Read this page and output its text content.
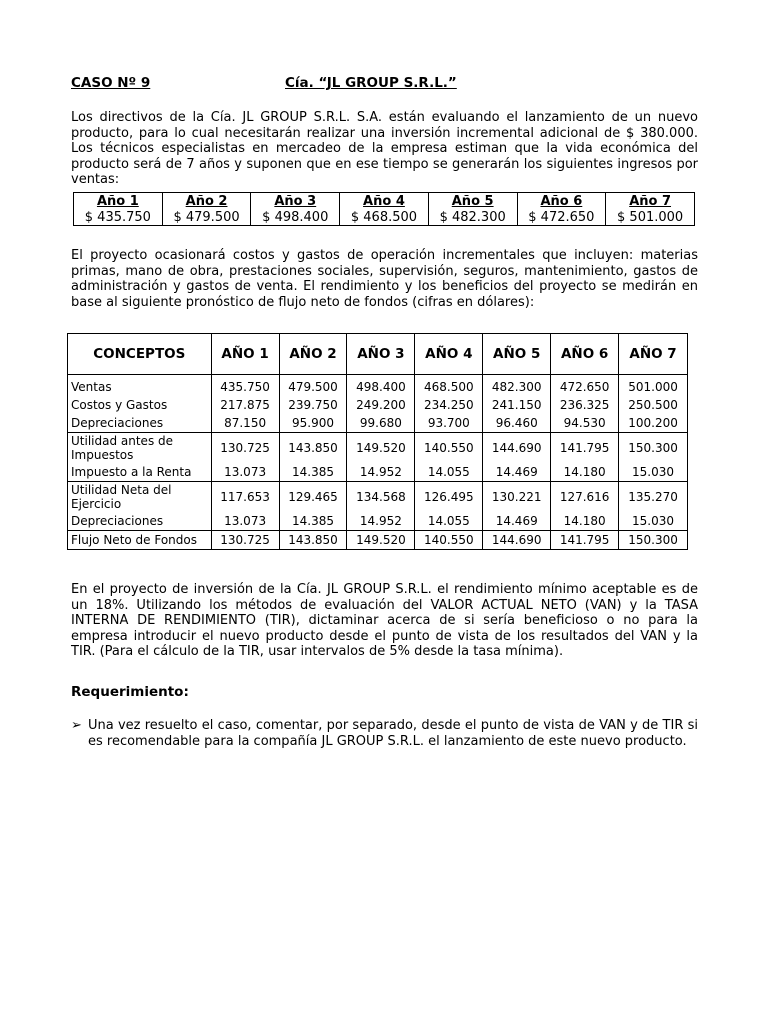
CASO Nº 9	Cía. “JL GROUP S.R.L.”

Los directivos de la Cía. JL GROUP S.R.L. S.A. están evaluando el lanzamiento de un nuevo producto, para lo cual necesitarán realizar una inversión incremental adicional de $ 380.000. Los técnicos especialistas en mercadeo de la empresa estiman que la vida económica del producto será de 7 años y suponen que en ese tiempo se generarán los siguientes ingresos por ventas:

Año 1	Año 2	Año 3	Año 4	Año 5	Año 6	Año 7
$ 435.750	$ 479.500	$ 498.400	$ 468.500	$ 482.300	$ 472.650	$ 501.000

El proyecto ocasionará costos y gastos de operación incrementales que incluyen: materias primas, mano de obra, prestaciones sociales, supervisión, seguros, mantenimiento, gastos de administración y gastos de venta. El rendimiento y los beneficios del proyecto se medirán en base al siguiente pronóstico de flujo neto de fondos (cifras en dólares):

CONCEPTOS	AÑO 1	AÑO 2	AÑO 3	AÑO 4	AÑO 5	AÑO 6	AÑO 7
Ventas	435.750	479.500	498.400	468.500	482.300	472.650	501.000
Costos y Gastos	217.875	239.750	249.200	234.250	241.150	236.325	250.500
Depreciaciones	87.150	95.900	99.680	93.700	96.460	94.530	100.200
Utilidad antes de Impuestos	130.725	143.850	149.520	140.550	144.690	141.795	150.300
Impuesto a la Renta	13.073	14.385	14.952	14.055	14.469	14.180	15.030
Utilidad Neta del Ejercicio	117.653	129.465	134.568	126.495	130.221	127.616	135.270
Depreciaciones	13.073	14.385	14.952	14.055	14.469	14.180	15.030
Flujo Neto de Fondos	130.725	143.850	149.520	140.550	144.690	141.795	150.300

En el proyecto de inversión de la Cía. JL GROUP S.R.L. el rendimiento mínimo aceptable es de un 18%. Utilizando los métodos de evaluación del VALOR ACTUAL NETO (VAN) y la TASA INTERNA DE RENDIMIENTO (TIR), dictaminar acerca de si sería beneficioso o no para la empresa introducir el nuevo producto desde el punto de vista de los resultados del VAN y la TIR. (Para el cálculo de la TIR, usar intervalos de 5% desde la tasa mínima).

Requerimiento:
➢ Una vez resuelto el caso, comentar, por separado, desde el punto de vista de VAN y de TIR si es recomendable para la compañía JL GROUP S.R.L. el lanzamiento de este nuevo producto.
